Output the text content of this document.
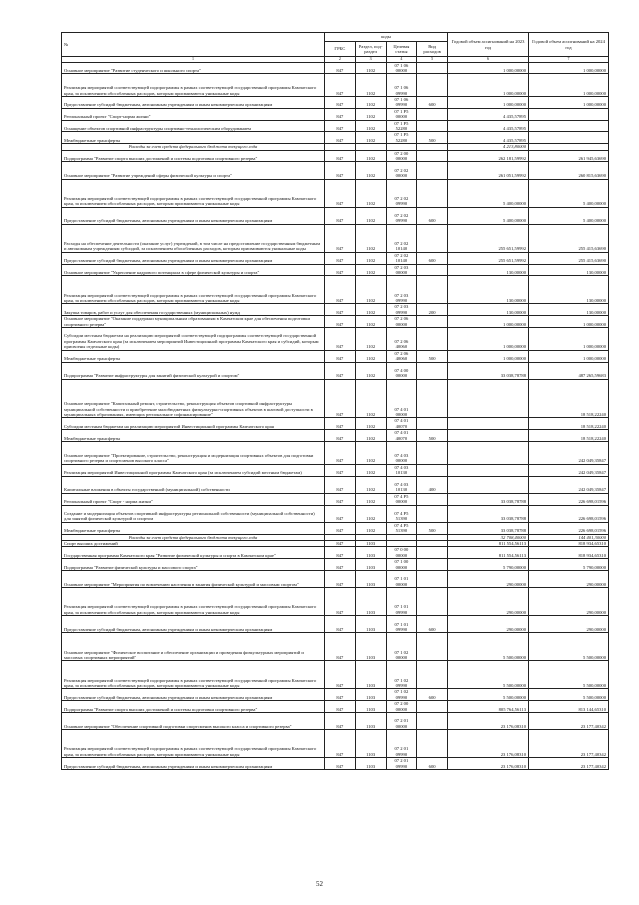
№	коды				Годовой объем ассигнований на 2023 год	Годовой объем ассигнований на 2024 год
	ГРБС	Раздел, под-раздел	Целевая статья	Вид расходов		
1	2	3	4	5	6	7
Основное мероприятие "Развитие студенческого и школьного спорта"	847	1102	07 1 06 00000		1 000,00000	1 000,00000
Реализация мероприятий соответствующей подпрограммы в рамках соответствующей государственной программы Камчатского края, за исключением обособленных расходов, которым присваиваются уникальные коды	847	1102	07 1 06 09990		1 000,00000	1 000,00000
Предоставление субсидий бюджетным, автономным учреждениям и иным некоммерческим организациям	847	1102	07 1 06 09990	600	1 000,00000	1 000,00000
Региональный проект "Спорт-норма жизни"	847	1102	07 1 P5 00000		4 435,57895	
Оснащение объектов спортивной инфраструктуры спортивно-технологическим оборудованием	847	1102	07 1 P5 52280		4 435,57895	
Межбюджетные трансферты	847	1102	07 1 P5 52280	500	4 435,57895	
Расходы за счет средств федерального бюджета текущего года					4 213,80000	
Подпрограмма "Развитие спорта высших достижений и системы подготовки спортивного резерва"	847	1102	07 2 00 00000		262 181,59992	261 945,63690
Основное мероприятие "Развитие учреждений сферы физической культуры и спорта"	847	1102	07 2 02 00000		261 051,59992	260 815,63690
Реализация мероприятий соответствующей подпрограммы в рамках соответствующей государственной программы Камчатского края, за исключением обособленных расходов, которым присваиваются уникальные коды	847	1102	07 2 02 09990		5 400,00000	5 400,00000
Предоставление субсидий бюджетным, автономным учреждениям и иным некоммерческим организациям	847	1102	07 2 02 09990	600	5 400,00000	5 400,00000
Расходы на обеспечение деятельности (оказание услуг) учреждений, в том числе на предоставление государственным бюджетным и автономным учреждениям субсидий, за исключением обособленных расходов, которым присваиваются уникальные коды	847	1102	07 2 02 10140		255 651,59992	255 415,63690
Предоставление субсидий бюджетным, автономным учреждениям и иным некоммерческим организациям	847	1102	07 2 02 10140	600	255 651,59992	255 415,63690
Основное мероприятие "Укрепление кадрового потенциала в сфере физической культуры и спорта"	847	1102	07 2 03 00000		130,00000	130,00000
Реализация мероприятий соответствующей подпрограммы в рамках соответствующей государственной программы Камчатского края, за исключением обособленных расходов, которым присваиваются уникальные коды	847	1102	07 2 03 09990		130,00000	130,00000
Закупка товаров, работ и услуг для обеспечения государственных (муниципальных) нужд	847	1102	07 2 03 09990	200	130,00000	130,00000
Основное мероприятие "Оказание поддержки муниципальным образованиям в Камчатском крае для обеспечения подготовки спортивного резерва"	847	1102	07 2 06 00000		1 000,00000	1 000,00000
Субсидии местным бюджетам на реализацию мероприятий соответствующей подпрограммы соответствующей государственной программы Камчатского края (за исключением мероприятий Инвестиционной программы Камчатского края и субсидий, которым присвоены отдельные коды)	847	1102	07 2 06 40060		1 000,00000	1 000,00000
Межбюджетные трансферты	847	1102	07 2 06 40060	500	1 000,00000	1 000,00000
Подпрограмма "Развитие инфраструктуры для занятий физической культурой и спортом"	847	1102	07 4 00 00000		33 038,78788	487 265,59683
Основное мероприятие "Капитальный ремонт, строительство, реконструкция объектов спортивной инфраструктуры муниципальной собственности и приобретение малобюджетных физкультурно-спортивных объектов в шаговой доступности в муниципальных образованиях, имеющих региональное софинансирование"	847	1102	07 4 01 00000			18 518,22240
Субсидии местным бюджетам на реализацию мероприятий Инвестиционной программы Камчатского края	847	1102	07 4 01 40070			18 518,22240
Межбюджетные трансферты	847	1102	07 4 01 40070	500		18 518,22240
Основное мероприятие "Проектирование, строительство, реконструкция и модернизация спортивных объектов для подготовки спортивного резерва и спортсменов высокого класса"	847	1102	07 4 03 00000			242 049,35847
Реализация мероприятий Инвестиционной программы Камчатского края (за исключением субсидий местным бюджетам)	847	1102	07 4 03 10130			242 049,35847
Капитальные вложения в объекты государственной (муниципальной) собственности	847	1102	07 4 03 10130	400		242 049,35847
Региональный проект "Спорт - норма жизни"	847	1102	07 4 P5 00000		33 038,78788	226 698,01596
Создание и модернизация объектов спортивной инфраструктуры региональной собственности (муниципальной собственности) для занятий физической культурой и спортом	847	1102	07 4 P5 51390		33 038,78788	226 698,01596
Межбюджетные трансферты	847	1102	07 4 P5 51390	500	33 038,78788	226 698,01596
Расходы за счет средств федерального бюджета текущего года					32 708,40000	144 401,30000
Спорт высших достижений	847	1103			811 554,56113	818 934,65310
Государственная программа Камчатского края "Развитие физической культуры и спорта в Камчатском крае"	847	1103	07 0 00 00000		811 554,56113	818 934,65310
Подпрограмма "Развитие физической культуры и массового спорта"	847	1103	07 1 00 00000		5 790,00000	5 790,00000
Основное мероприятие "Мероприятия по вовлечению населения в занятия физической культурой и массовым спортом"	847	1103	07 1 01 00000		290,00000	290,00000
Реализация мероприятий соответствующей подпрограммы в рамках соответствующей государственной программы Камчатского края, за исключением обособленных расходов, которым присваиваются уникальные коды	847	1103	07 1 01 09990		290,00000	290,00000
Предоставление субсидий бюджетным, автономным учреждениям и иным некоммерческим организациям	847	1103	07 1 01 09990	600	290,00000	290,00000
Основное мероприятие "Физическое воспитание и обеспечение организации и проведения физкультурных мероприятий и массовых спортивных мероприятий"	847	1103	07 1 02 00000		5 500,00000	5 500,00000
Реализация мероприятий соответствующей подпрограммы в рамках соответствующей государственной программы Камчатского края, за исключением обособленных расходов, которым присваиваются уникальные коды	847	1103	07 1 02 09990		5 500,00000	5 500,00000
Предоставление субсидий бюджетным, автономным учреждениям и иным некоммерческим организациям	847	1103	07 1 02 09990	600	5 500,00000	5 500,00000
Подпрограмма "Развитие спорта высших достижений и системы подготовки спортивного резерва"	847	1103	07 2 00 00000		805 764,56113	813 144,65310
Основное мероприятие "Обеспечение спортивной подготовки спортсменов высокого класса и спортивного резерва"	847	1103	07 2 01 00000		23 176,08310	23 177,40342
Реализация мероприятий соответствующей подпрограммы в рамках соответствующей государственной программы Камчатского края, за исключением обособленных расходов, которым присваиваются уникальные коды	847	1103	07 2 01 09990		23 176,08310	23 177,40342
Предоставление субсидий бюджетным, автономным учреждениям и иным некоммерческим организациям	847	1103	07 2 01 09990	600	23 176,08310	23 177,40342
52
